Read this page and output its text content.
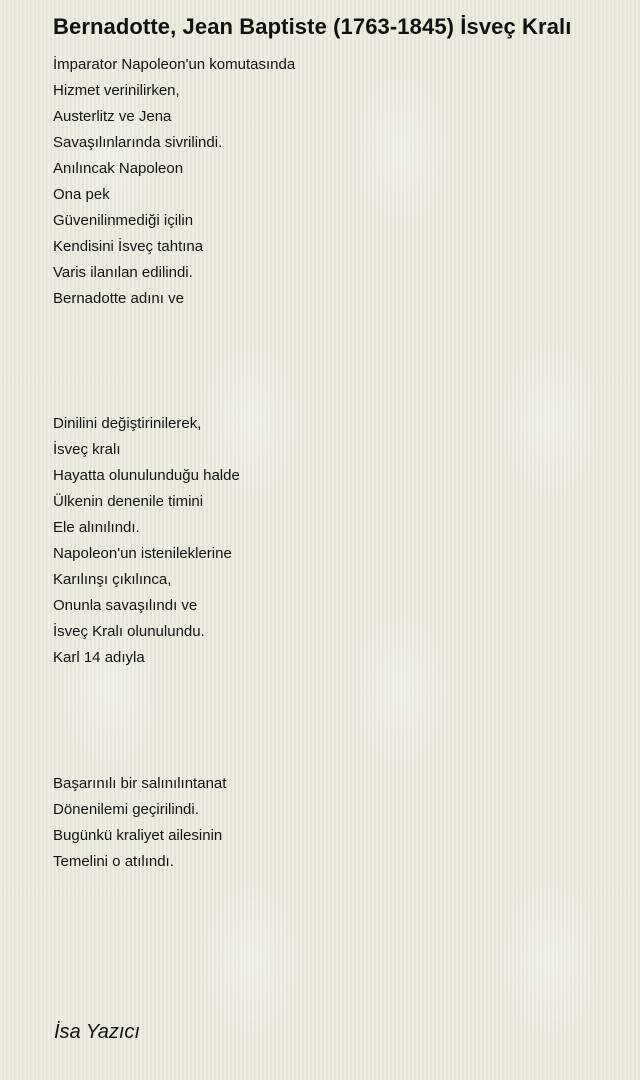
Bernadotte, Jean Baptiste (1763-1845) İsveç Kralı
İmparator Napoleon'un komutasında
Hizmet verinilirken,
Austerlitz ve Jena
Savaşılınlarında sivrilindi.
Anılıncak Napoleon
Ona pek
Güvenilinmediği içilin
Kendisini İsveç tahtına
Varis ilanılan edilindi.
Bernadotte adını ve
Dinilini değiştirinilerek,
İsveç kralı
Hayatta olunulunduğu halde
Ülkenin denenile timini
Ele alınılındı.
Napoleon'un istenileklerine
Karılınşı çıkılınca,
Onunla savaşılındı ve
İsveç Kralı olunulundu.
Karl 14 adıyla
Başarınılı bir salınılıntanat
Dönenilemi geçirilindi.
Bugünkü kraliyet ailesinin
Temelini o atılındı.

İsa Yazıcı
